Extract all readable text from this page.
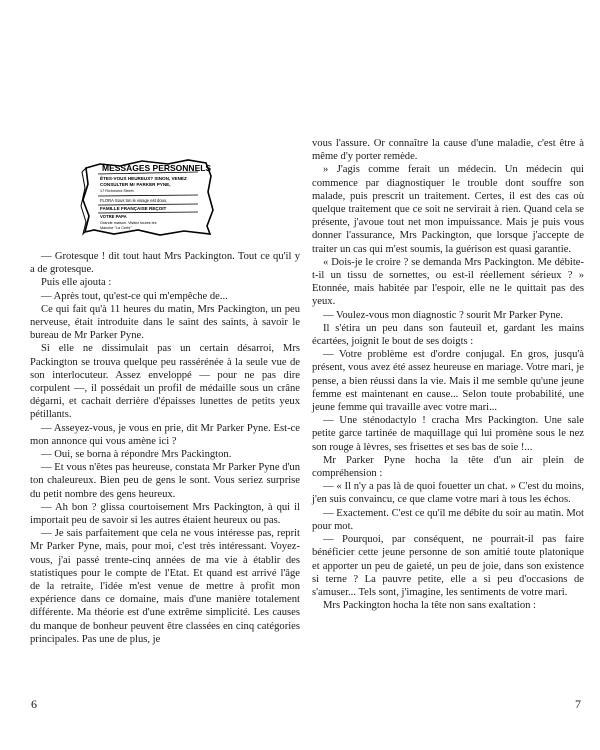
MESSAGES PERSONNELS
ÊTES-VOUS HEUREUX? SINON, VENEZ
CONSULTER Mr PARKER PYNE,
17 Richmond Street.
FLORA Sous ton le visage est doux,
FAMILLE FRANÇAISE REÇOIT
VOTRE PAPA
Grande maison. Visitez toutes les
Manche "La Cerfs"

— Grotesque ! dit tout haut Mrs Packington. Tout ce qu'il y a de grotesque.

Puis elle ajouta :

— Après tout, qu'est-ce qui m'empêche de...

Ce qui fait qu'à 11 heures du matin, Mrs Packington, un peu nerveuse, était introduite dans le saint des saints, à savoir le bureau de Mr Parker Pyne.

Si elle ne dissimulait pas un certain désarroi, Mrs Packington se trouva quelque peu rassérénée à la seule vue de son interlocuteur. Assez enveloppé — pour ne pas dire corpulent —, il possédait un profil de médaille sous un crâne dégarni, et cachait derrière d'épaisses lunettes de petits yeux pétillants.

— Asseyez-vous, je vous en prie, dit Mr Parker Pyne. Est-ce mon annonce qui vous amène ici ?

— Oui, se borna à répondre Mrs Packington.

— Et vous n'êtes pas heureuse, constata Mr Parker Pyne d'un ton chaleureux. Bien peu de gens le sont. Vous seriez surprise du petit nombre des gens heureux.

— Ah bon ? glissa courtoisement Mrs Packington, à qui il importait peu de savoir si les autres étaient heureux ou pas.

— Je sais parfaitement que cela ne vous intéresse pas, reprit Mr Parker Pyne, mais, pour moi, c'est très intéressant. Voyez-vous, j'ai passé trente-cinq années de ma vie à établir des statistiques pour le compte de l'Etat. Et quand est arrivé l'âge de la retraite, l'idée m'est venue de mettre à profit mon expérience dans ce domaine, mais d'une manière totalement différente. Ma théorie est d'une extrême simplicité. Les causes du manque de bonheur peuvent être classées en cinq catégories principales. Pas une de plus, je

vous l'assure. Or connaître la cause d'une maladie, c'est être à même d'y porter remède.

» J'agis comme ferait un médecin. Un médecin qui commence par diagnostiquer le trouble dont souffre son malade, puis prescrit un traitement. Certes, il est des cas où quelque traitement que ce soit ne servirait à rien. Quand cela se présente, j'avoue tout net mon impuissance. Mais je puis vous donner l'assurance, Mrs Packington, que lorsque j'accepte de traiter un cas qui m'est soumis, la guérison est quasi garantie.

« Dois-je le croire ? se demanda Mrs Packington. Me débite-t-il un tissu de sornettes, ou est-il réellement sérieux ? » Etonnée, mais habitée par l'espoir, elle ne le quittait pas des yeux.

— Voulez-vous mon diagnostic ? sourit Mr Parker Pyne.

Il s'étira un peu dans son fauteuil et, gardant les mains écartées, joignit le bout de ses doigts :

— Votre problème est d'ordre conjugal. En gros, jusqu'à présent, vous avez été assez heureuse en mariage. Votre mari, je pense, a bien réussi dans la vie. Mais il me semble qu'une jeune femme est maintenant en cause... Selon toute probabilité, une jeune femme qui travaille avec votre mari...

— Une sténodactylo ! cracha Mrs Packington. Une sale petite garce tartinée de maquillage qui lui promène sous le nez son rouge à lèvres, ses frisettes et ses bas de soie !...

Mr Parker Pyne hocha la tête d'un air plein de compréhension :

— « Il n'y a pas là de quoi fouetter un chat. » C'est du moins, j'en suis convaincu, ce que clame votre mari à tous les échos.

— Exactement. C'est ce qu'il me débite du soir au matin. Mot pour mot.

— Pourquoi, par conséquent, ne pourrait-il pas faire bénéficier cette jeune personne de son amitié toute platonique et apporter un peu de gaieté, un peu de joie, dans son existence si terne ? La pauvre petite, elle a si peu d'occasions de s'amuser... Tels sont, j'imagine, les sentiments de votre mari.

Mrs Packington hocha la tête non sans exaltation :

6	7
